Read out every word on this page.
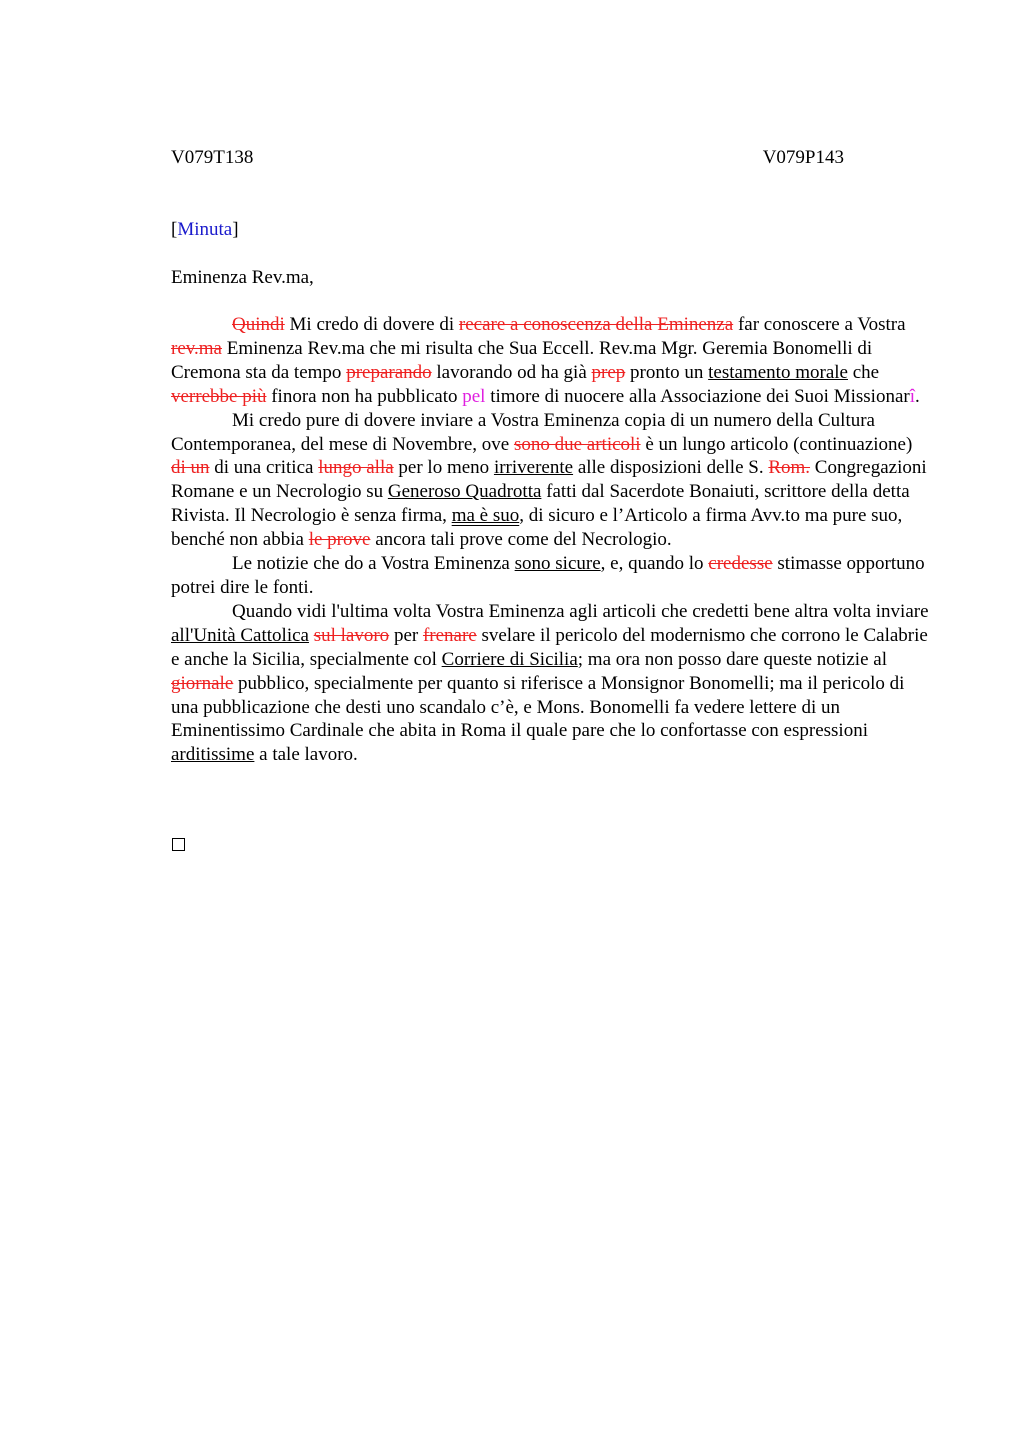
V079T138	V079P143
[Minuta]
Eminenza Rev.ma,

Quindi Mi credo di dovere di recare a conoscenza della Eminenza far conoscere a Vostra rev.ma Eminenza Rev.ma che mi risulta che Sua Eccell. Rev.ma Mgr. Geremia Bonomelli di Cremona sta da tempo preparando lavorando od ha già prep pronto un testamento morale che verrebbe più finora non ha pubblicato pel timore di nuocere alla Associazione dei Suoi Missionarî.

Mi credo pure di dovere inviare a Vostra Eminenza copia di un numero della Cultura Contemporanea, del mese di Novembre, ove sono due articoli è un lungo articolo (continuazione) di un di una critica lungo alla per lo meno irriverente alle disposizioni delle S. Rom. Congregazioni Romane e un Necrologio su Generoso Quadrotta fatti dal Sacerdote Bonaiuti, scrittore della detta Rivista. Il Necrologio è senza firma, ma è suo, di sicuro e l’Articolo a firma Avv.to ma pure suo, benché non abbia le prove ancora tali prove come del Necrologio.

Le notizie che do a Vostra Eminenza sono sicure, e, quando lo credesse stimasse opportuno potrei dire le fonti.

Quando vidi l'ultima volta Vostra Eminenza agli articoli che credetti bene altra volta inviare all'Unità Cattolica sul lavoro per frenare svelare il pericolo del modernismo che corrono le Calabrie e anche la Sicilia, specialmente col Corriere di Sicilia; ma ora non posso dare queste notizie al giornale pubblico, specialmente per quanto si riferisce a Monsignor Bonomelli; ma il pericolo di una pubblicazione che desti uno scandalo c’è, e Mons. Bonomelli fa vedere lettere di un Eminentissimo Cardinale che abita in Roma il quale pare che lo confortasse con espressioni arditissime a tale lavoro.
